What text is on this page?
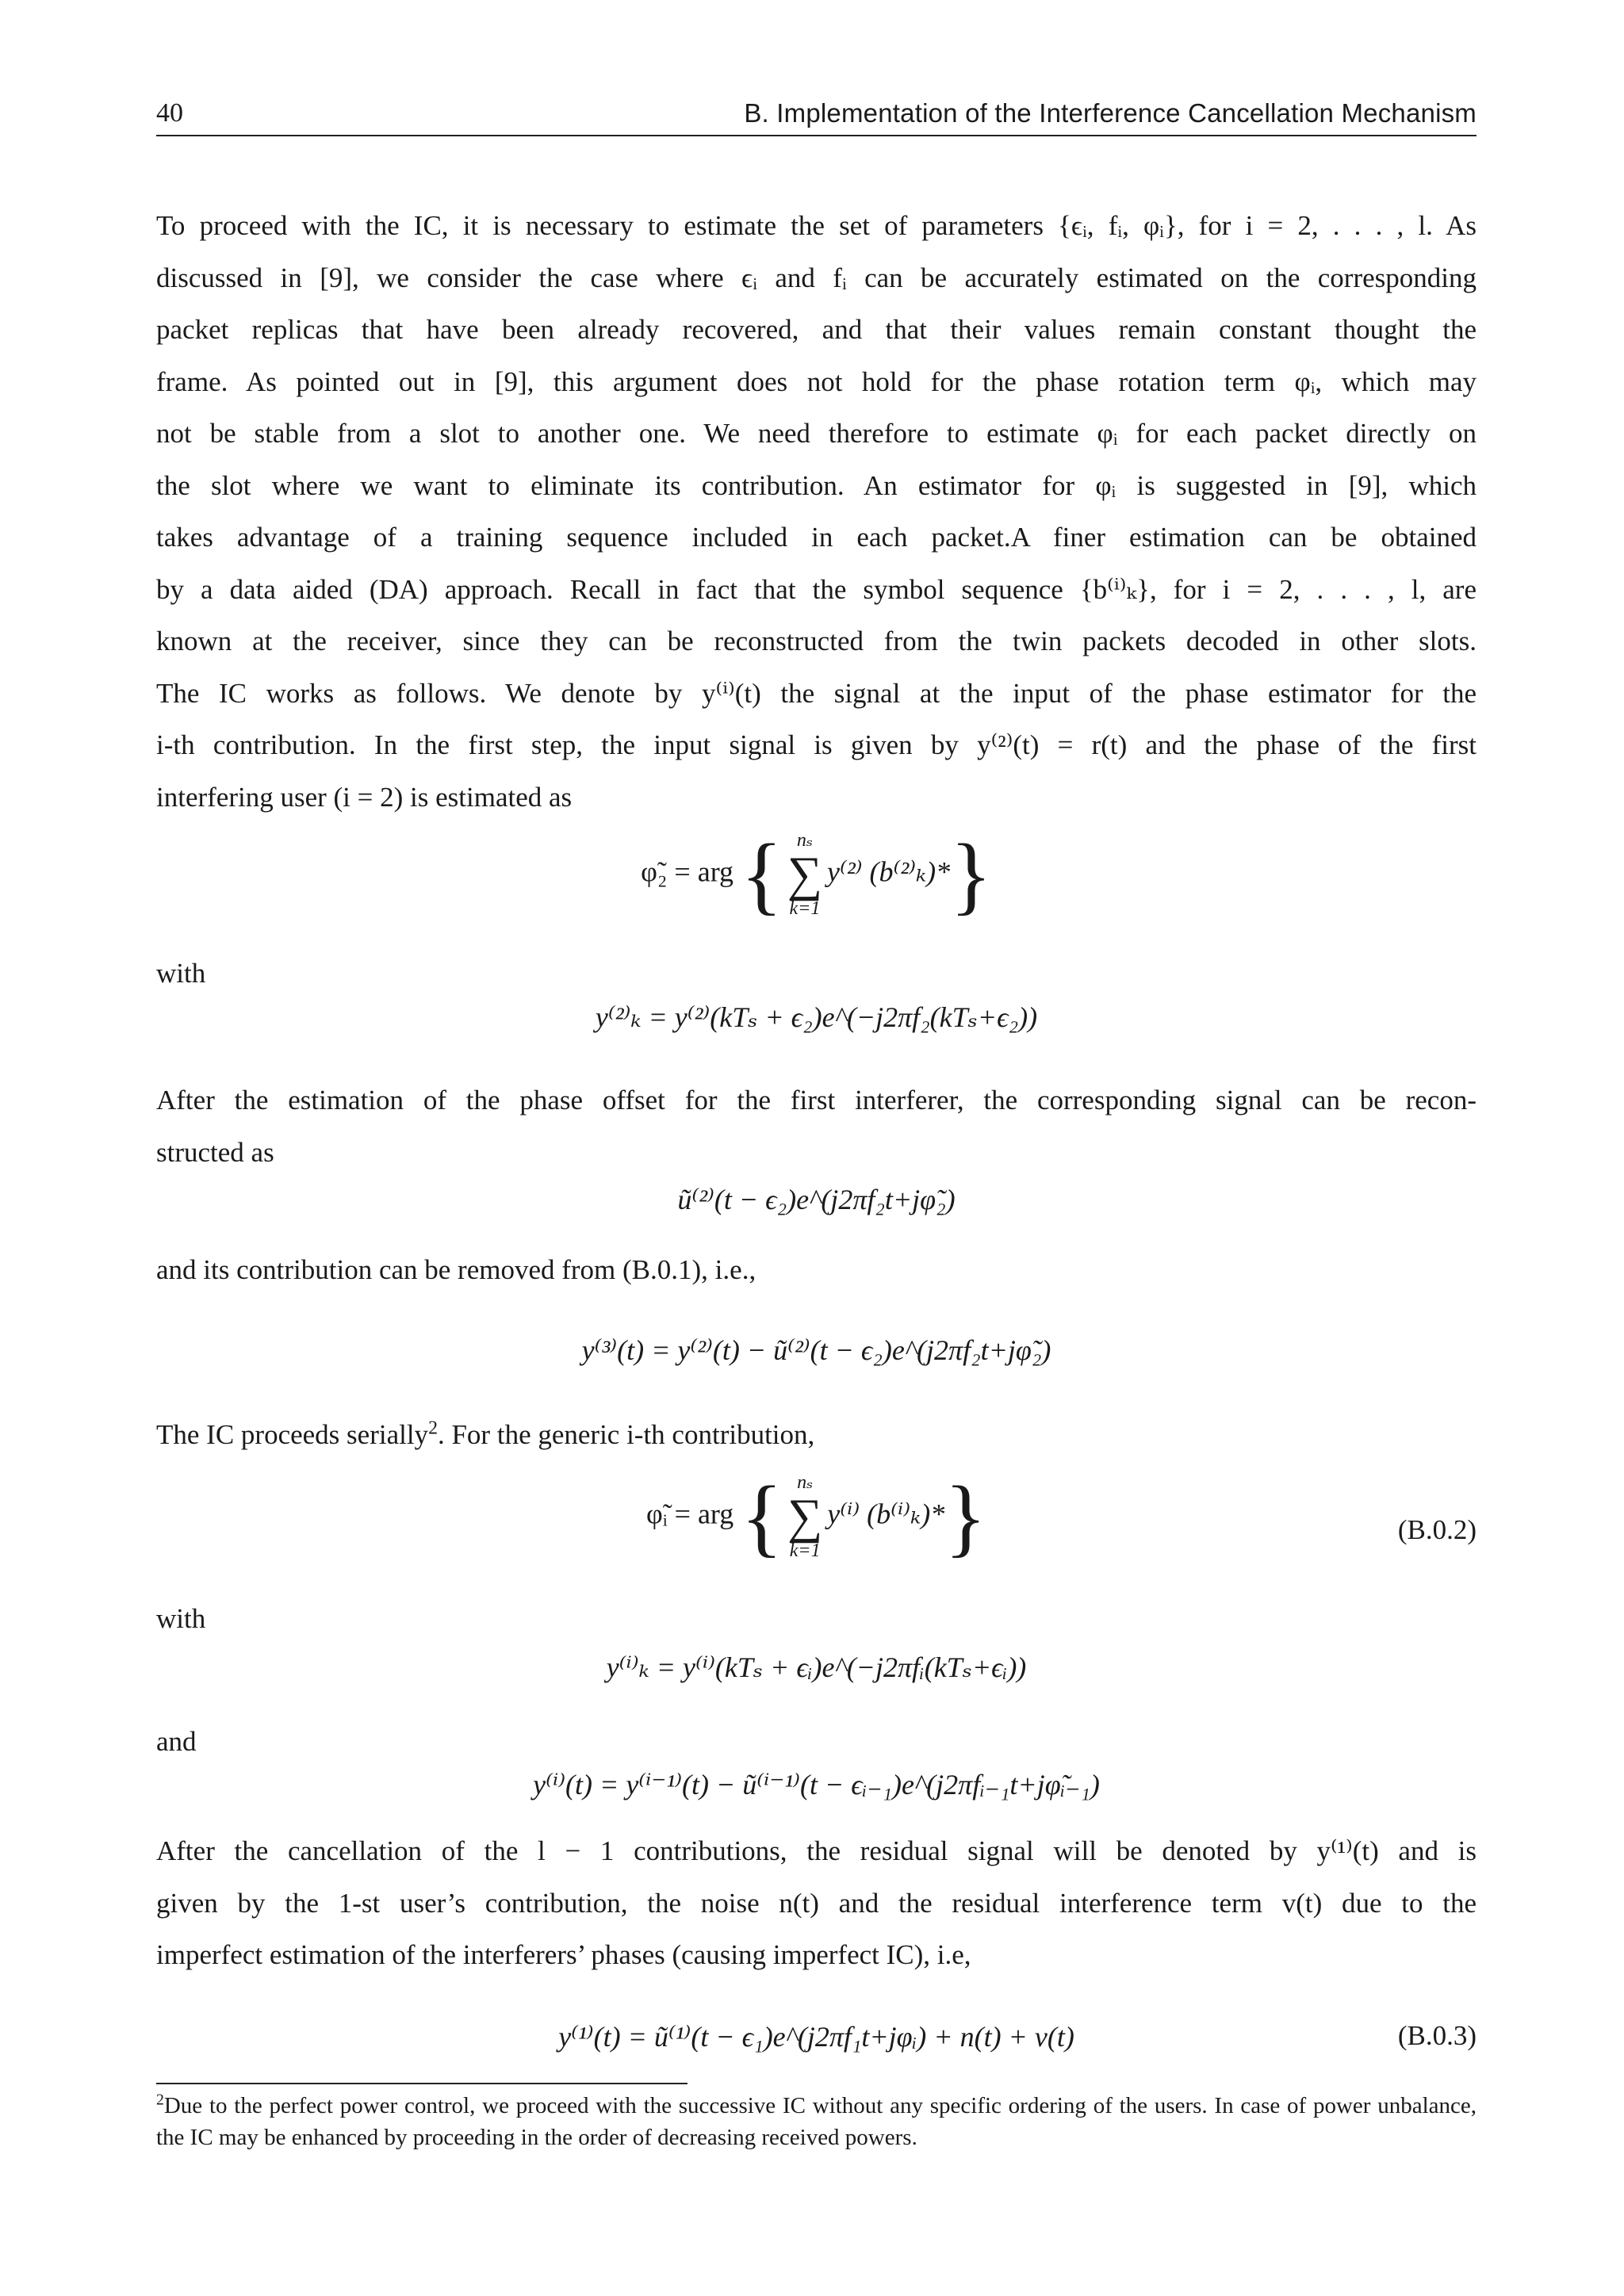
40	B. Implementation of the Interference Cancellation Mechanism

To proceed with the IC, it is necessary to estimate the set of parameters {ϵᵢ, fᵢ, φᵢ}, for i = 2, . . . , l. As
discussed in [9], we consider the case where ϵᵢ and fᵢ can be accurately estimated on the corresponding
packet replicas that have been already recovered, and that their values remain constant thought the
frame. As pointed out in [9], this argument does not hold for the phase rotation term φᵢ, which may
not be stable from a slot to another one. We need therefore to estimate φᵢ for each packet directly on
the slot where we want to eliminate its contribution. An estimator for φᵢ is suggested in [9], which
takes advantage of a training sequence included in each packet.A finer estimation can be obtained
by a data aided (DA) approach. Recall in fact that the symbol sequence {b⁽ⁱ⁾ₖ}, for i = 2, . . . , l, are
known at the receiver, since they can be reconstructed from the twin packets decoded in other slots.
The IC works as follows. We denote by y⁽ⁱ⁾(t) the signal at the input of the phase estimator for the
i-th contribution. In the first step, the input signal is given by y⁽²⁾(t) = r(t) and the phase of the first
interfering user (i = 2) is estimated as

φ̃₂ = arg { nₛ
∑
k=1
y⁽²⁾ (b⁽²⁾ₖ)*}
with
y⁽²⁾ₖ = y⁽²⁾(kTₛ + ϵ₂)e^(−j2πf₂(kTₛ+ϵ₂))

After the estimation of the phase offset for the first interferer, the corresponding signal can be recon-
structed as

ũ⁽²⁾(t − ϵ₂)e^(j2πf₂t+jφ̃₂)
and its contribution can be removed from (B.0.1), i.e.,
y⁽³⁾(t) = y⁽²⁾(t) − ũ⁽²⁾(t − ϵ₂)e^(j2πf₂t+jφ̃₂)
The IC proceeds serially$^2$. For the generic i-th contribution,
φ̃ᵢ = arg { nₛ
∑
k=1
y⁽ⁱ⁾ (b⁽ⁱ⁾ₖ)*}	(B.0.2)
with
y⁽ⁱ⁾ₖ = y⁽ⁱ⁾(kTₛ + ϵᵢ)e^(−j2πfᵢ(kTₛ+ϵᵢ))
and
y⁽ⁱ⁾(t) = y⁽ⁱ⁻¹⁾(t) − ũ⁽ⁱ⁻¹⁾(t − ϵᵢ₋₁)e^(j2πfᵢ₋₁t+jφ̃ᵢ₋₁)

After the cancellation of the l − 1 contributions, the residual signal will be denoted by y⁽¹⁾(t) and is
given by the 1-st user’s contribution, the noise n(t) and the residual interference term v(t) due to the
imperfect estimation of the interferers’ phases (causing imperfect IC), i.e,

y⁽¹⁾(t) = ũ⁽¹⁾(t − ϵ₁)e^(j2πf₁t+jφᵢ) + n(t) + v(t)	(B.0.3)
$^2$Due to the perfect power control, we proceed with the successive IC without any specific ordering of the users. In case of power unbalance, the IC may be enhanced by proceeding in the order of decreasing received powers.
